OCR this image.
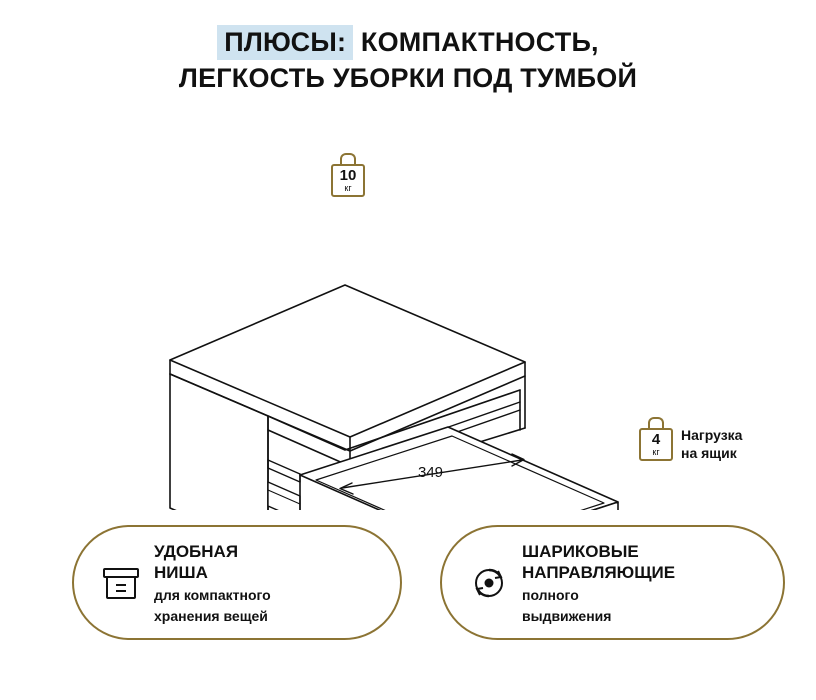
ПЛЮСЫ: КОМПАКТНОСТЬ,
ЛЕГКОСТЬ УБОРКИ ПОД ТУМБОЙ
349
10
кг
4
кг
Нагрузка
на ящик
УДОБНАЯ
НИША
для компактного
хранения вещей
ШАРИКОВЫЕ
НАПРАВЛЯЮЩИЕ
полного
выдвижения
